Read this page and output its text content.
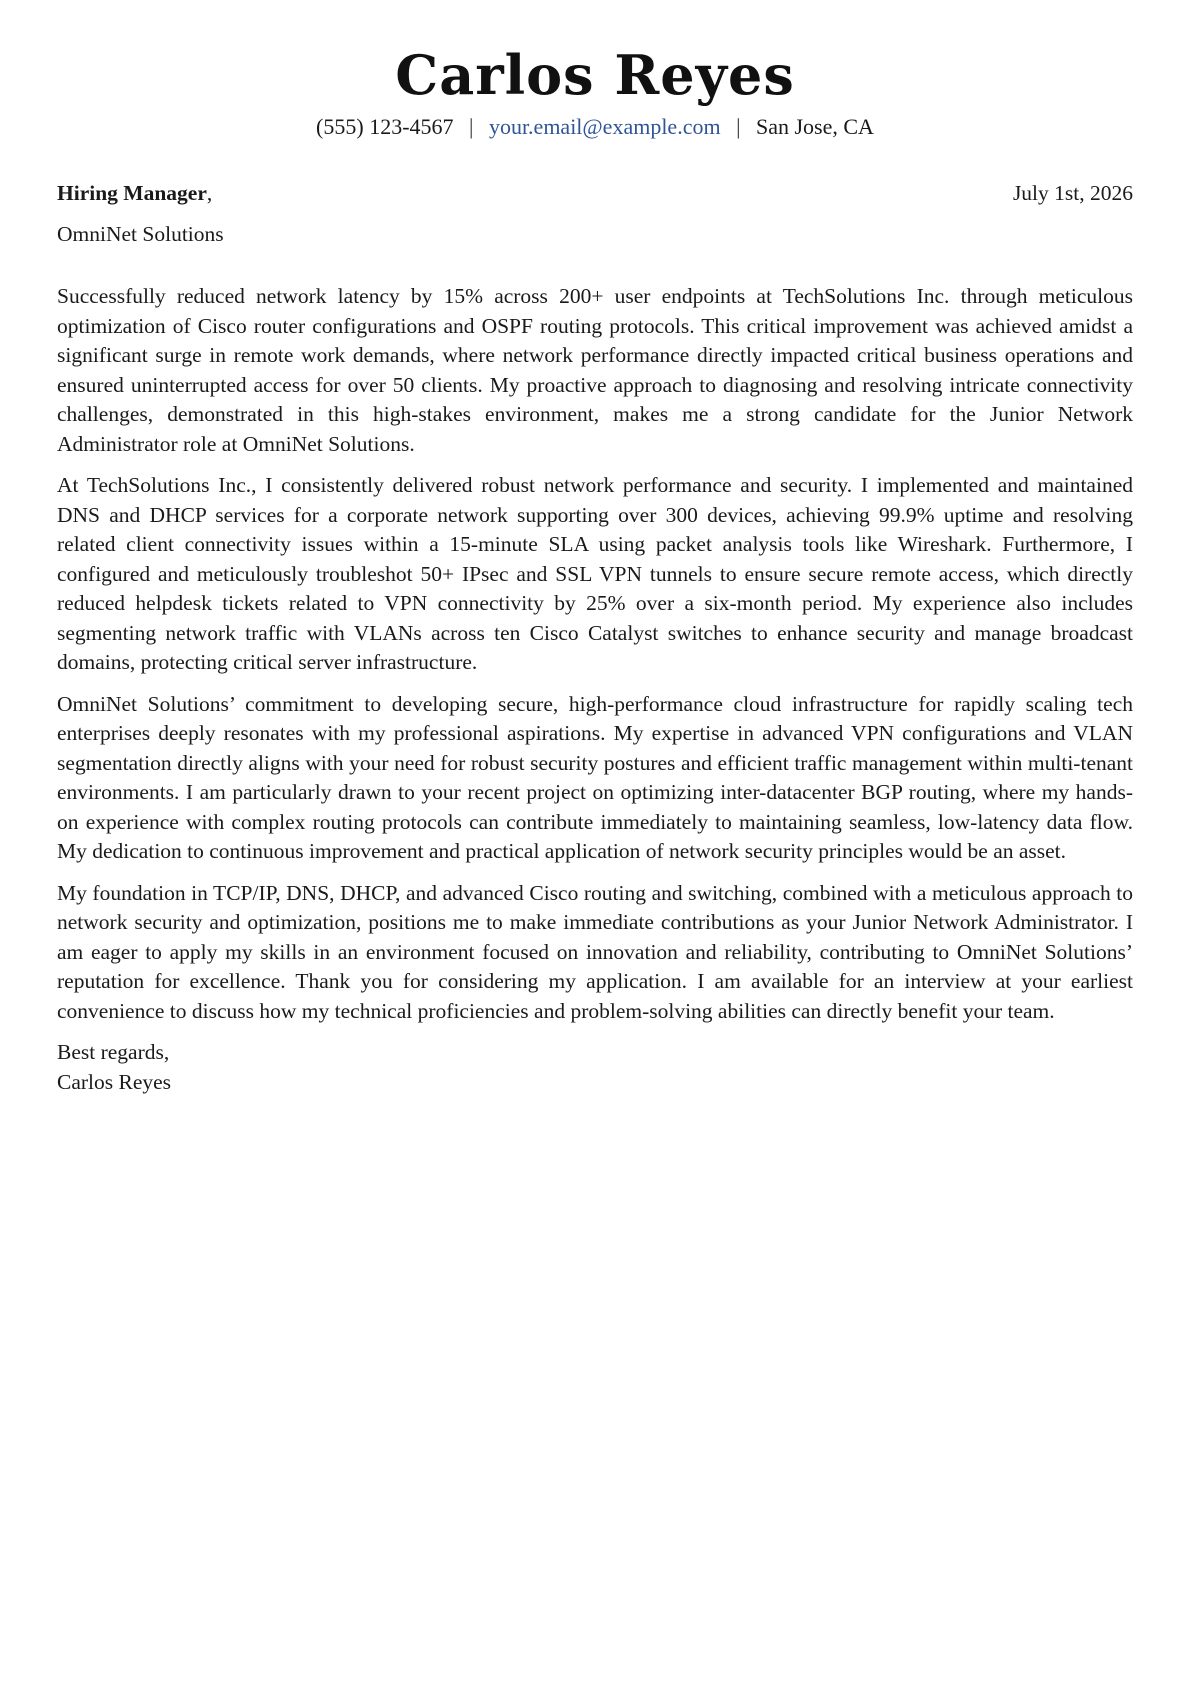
Carlos Reyes
(555) 123-4567 | your.email@example.com | San Jose, CA
Hiring Manager,	July 1st, 2026
OmniNet Solutions

Successfully reduced network latency by 15% across 200+ user endpoints at TechSolutions Inc. through meticulous optimization of Cisco router configurations and OSPF routing protocols. This critical improvement was achieved amidst a significant surge in remote work demands, where network performance directly impacted critical business operations and ensured uninterrupted access for over 50 clients. My proactive approach to diagnosing and resolving intricate connectivity challenges, demonstrated in this high-stakes environment, makes me a strong candidate for the Junior Network Administrator role at OmniNet Solutions.

At TechSolutions Inc., I consistently delivered robust network performance and security. I implemented and maintained DNS and DHCP services for a corporate network supporting over 300 devices, achieving 99.9% uptime and resolving related client connectivity issues within a 15-minute SLA using packet analysis tools like Wireshark. Furthermore, I configured and meticulously troubleshot 50+ IPsec and SSL VPN tunnels to ensure secure remote access, which directly reduced helpdesk tickets related to VPN connectivity by 25% over a six-month period. My experience also includes segmenting network traffic with VLANs across ten Cisco Catalyst switches to enhance security and manage broadcast domains, protecting critical server infrastructure.

OmniNet Solutions’ commitment to developing secure, high-performance cloud infrastructure for rapidly scaling tech enterprises deeply resonates with my professional aspirations. My expertise in advanced VPN configurations and VLAN segmentation directly aligns with your need for robust security postures and efficient traffic management within multi-tenant environments. I am particularly drawn to your recent project on optimizing inter-datacenter BGP routing, where my hands-on experience with complex routing protocols can contribute immediately to maintaining seamless, low-latency data flow. My dedication to continuous improvement and practical application of network security principles would be an asset.

My foundation in TCP/IP, DNS, DHCP, and advanced Cisco routing and switching, combined with a meticulous approach to network security and optimization, positions me to make immediate contributions as your Junior Network Administrator. I am eager to apply my skills in an environment focused on innovation and reliability, contributing to OmniNet Solutions’ reputation for excellence. Thank you for considering my application. I am available for an interview at your earliest convenience to discuss how my technical proficiencies and problem-solving abilities can directly benefit your team.

Best regards,
Carlos Reyes
